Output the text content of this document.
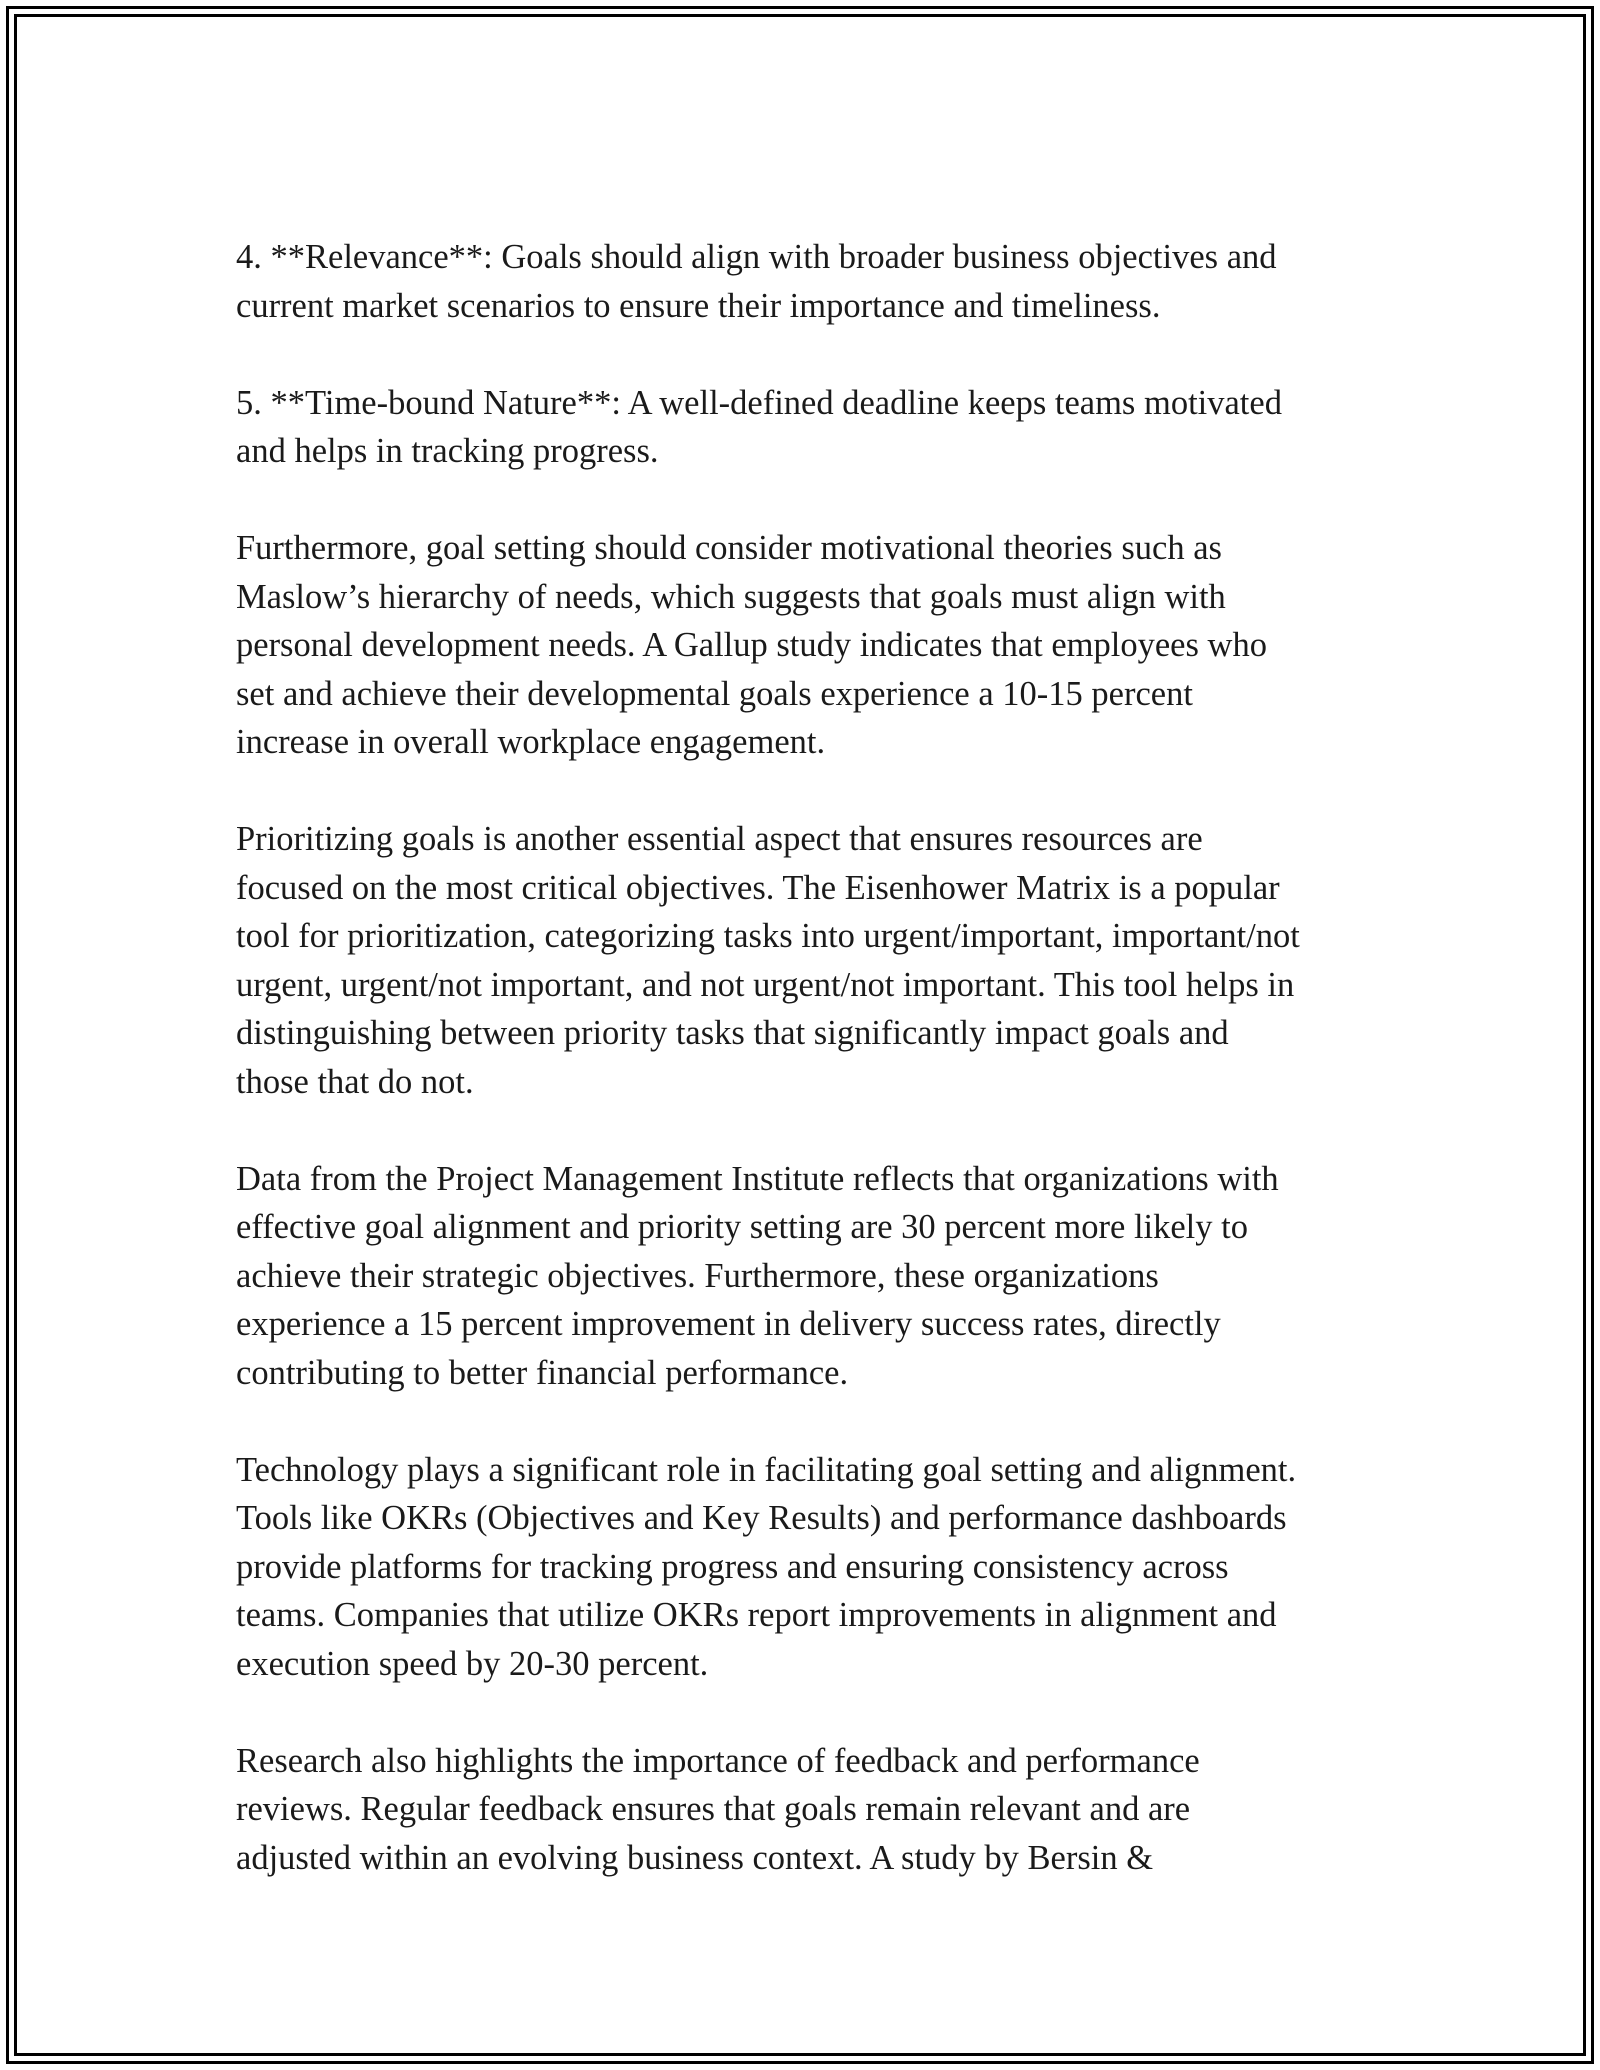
4. **Relevance**: Goals should align with broader business objectives and
current market scenarios to ensure their importance and timeliness.

5. **Time-bound Nature**: A well-defined deadline keeps teams motivated
and helps in tracking progress.

Furthermore, goal setting should consider motivational theories such as
Maslow’s hierarchy of needs, which suggests that goals must align with
personal development needs. A Gallup study indicates that employees who
set and achieve their developmental goals experience a 10-15 percent
increase in overall workplace engagement.

Prioritizing goals is another essential aspect that ensures resources are
focused on the most critical objectives. The Eisenhower Matrix is a popular
tool for prioritization, categorizing tasks into urgent/important, important/not
urgent, urgent/not important, and not urgent/not important. This tool helps in
distinguishing between priority tasks that significantly impact goals and
those that do not.

Data from the Project Management Institute reflects that organizations with
effective goal alignment and priority setting are 30 percent more likely to
achieve their strategic objectives. Furthermore, these organizations
experience a 15 percent improvement in delivery success rates, directly
contributing to better financial performance.

Technology plays a significant role in facilitating goal setting and alignment.
Tools like OKRs (Objectives and Key Results) and performance dashboards
provide platforms for tracking progress and ensuring consistency across
teams. Companies that utilize OKRs report improvements in alignment and
execution speed by 20-30 percent.

Research also highlights the importance of feedback and performance
reviews. Regular feedback ensures that goals remain relevant and are
adjusted within an evolving business context. A study by Bersin &
